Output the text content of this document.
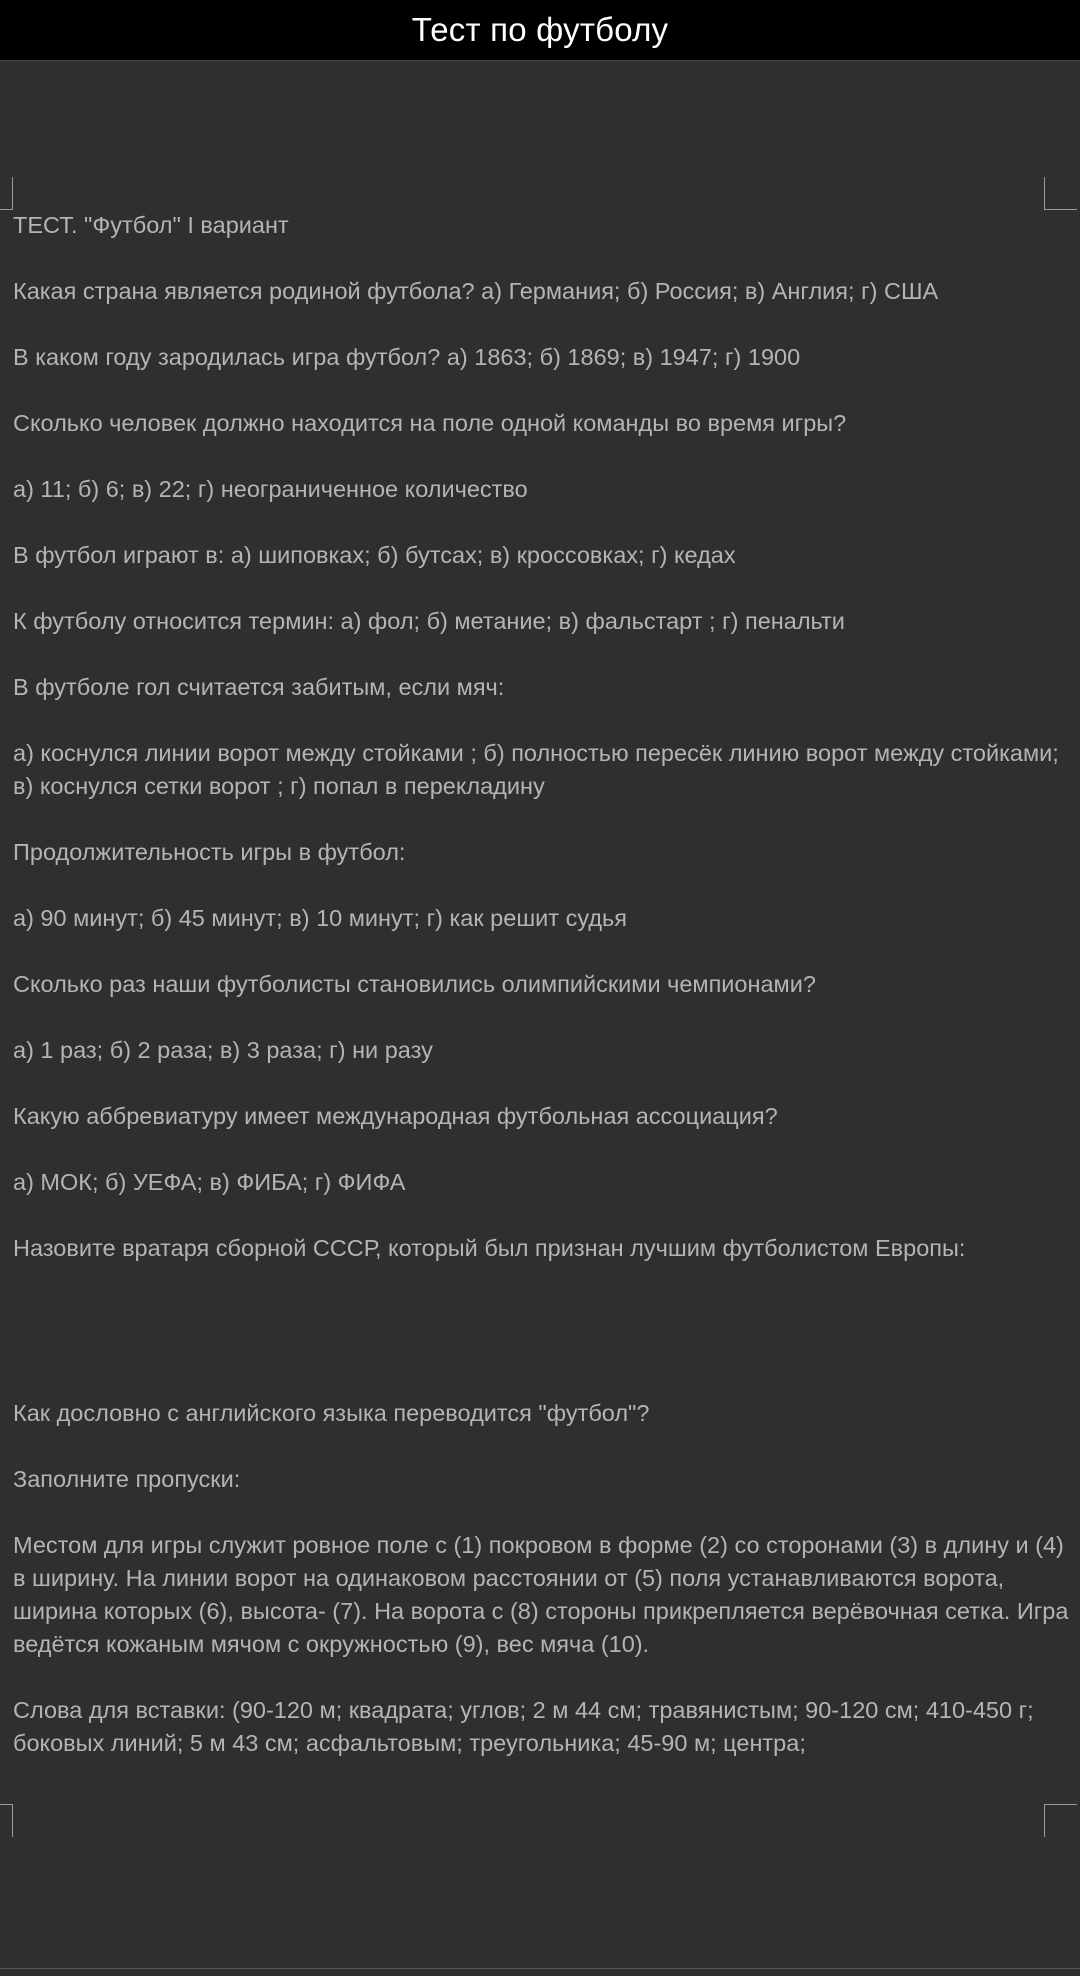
Тест по футболу

ТЕСТ. "Футбол" I вариант

Какая страна является родиной футбола? а) Германия; б) Россия; в) Англия; г) США

В каком году зародилась игра футбол? а) 1863; б) 1869; в) 1947; г) 1900

Сколько человек должно находится на поле одной команды во время игры?

а) 11; б) 6; в) 22; г) неограниченное количество

В футбол играют в: а) шиповках; б) бутсах; в) кроссовках; г) кедах

К футболу относится термин: а) фол; б) метание; в) фальстарт ; г) пенальти

В футболе гол считается забитым, если мяч:

а) коснулся линии ворот между стойками ; б) полностью пересёк линию ворот между стойками; в) коснулся сетки ворот ; г) попал в перекладину

Продолжительность игры в футбол:

а) 90 минут; б) 45 минут; в) 10 минут; г) как решит судья

Сколько раз наши футболисты становились олимпийскими чемпионами?

а) 1 раз; б) 2 раза; в) 3 раза; г) ни разу

Какую аббревиатуру имеет международная футбольная ассоциация?

а) МОК; б) УЕФА; в) ФИБА; г) ФИФА

Назовите вратаря сборной СССР, который был признан лучшим футболистом Европы:

Как дословно с английского языка переводится "футбол"?

Заполните пропуски:

Местом для игры служит ровное поле с (1) покровом в форме (2) со сторонами (3) в длину и (4) в ширину. На линии ворот на одинаковом расстоянии от (5) поля устанавливаются ворота, ширина которых (6), высота- (7). На ворота с (8) стороны прикрепляется верёвочная сетка. Игра ведётся кожаным мячом с окружностью (9), вес мяча (10).

Слова для вставки: (90-120 м; квадрата; углов; 2 м 44 см; травянистым; 90-120 см; 410-450 г; боковых линий; 5 м 43 см; асфальтовым; треугольника; 45-90 м; центра;
